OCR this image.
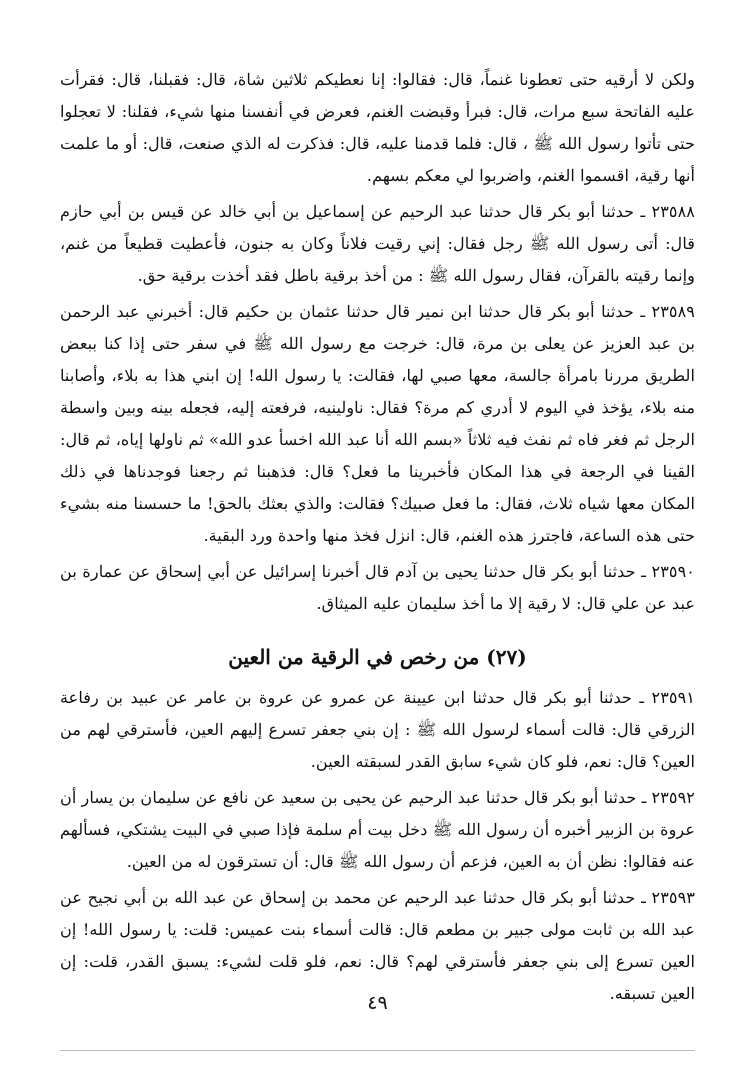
ولكن لا أرقيه حتى تعطونا غنماً، قال: فقالوا: إنا نعطيكم ثلاثين شاة، قال: فقبلنا، قال: فقرأت عليه الفاتحة سبع مرات، قال: فبرأ وقبضت الغنم، فعرض في أنفسنا منها شيء، فقلنا: لا تعجلوا حتى تأتوا رسول الله ﷺ ، قال: فلما قدمنا عليه، قال: فذكرت له الذي صنعت، قال: أو ما علمت أنها رقية، اقسموا الغنم، واضربوا لي معكم بسهم.

٢٣٥٨٨ ـ حدثنا أبو بكر قال حدثنا عبد الرحيم عن إسماعيل بن أبي خالد عن قيس بن أبي حازم قال: أتى رسول الله ﷺ رجل فقال: إني رقيت فلاناً وكان به جنون، فأعطيت قطيعاً من غنم، وإنما رقيته بالقرآن، فقال رسول الله ﷺ : من أخذ برقية باطل فقد أخذت برقية حق.

٢٣٥٨٩ ـ حدثنا أبو بكر قال حدثنا ابن نمير قال حدثنا عثمان بن حكيم قال: أخبرني عبد الرحمن بن عبد العزيز عن يعلى بن مرة، قال: خرجت مع رسول الله ﷺ في سفر حتى إذا كنا ببعض الطريق مررنا بامرأة جالسة، معها صبي لها، فقالت: يا رسول الله! إن ابني هذا به بلاء، وأصابنا منه بلاء، يؤخذ في اليوم لا أدري كم مرة؟ فقال: ناولينيه، فرفعته إليه، فجعله بينه وبين واسطة الرجل ثم فغر فاه ثم نفث فيه ثلاثاً «بسم الله أنا عبد الله اخسأ عدو الله» ثم ناولها إياه، ثم قال: القينا في الرجعة في هذا المكان فأخبرينا ما فعل؟ قال: فذهبنا ثم رجعنا فوجدناها في ذلك المكان معها شياه ثلاث، فقال: ما فعل صبيك؟ فقالت: والذي بعثك بالحق! ما حسسنا منه بشيء حتى هذه الساعة، فاجترز هذه الغنم، قال: انزل فخذ منها واحدة ورد البقية.

٢٣٥٩٠ ـ حدثنا أبو بكر قال حدثنا يحيى بن آدم قال أخبرنا إسرائيل عن أبي إسحاق عن عمارة بن عبد عن علي قال: لا رقية إلا ما أخذ سليمان عليه الميثاق.

(٢٧) من رخص في الرقية من العين

٢٣٥٩١ ـ حدثنا أبو بكر قال حدثنا ابن عيينة عن عمرو عن عروة بن عامر عن عبيد بن رفاعة الزرقي قال: قالت أسماء لرسول الله ﷺ : إن بني جعفر تسرع إليهم العين، فأسترقي لهم من العين؟ قال: نعم، فلو كان شيء سابق القدر لسبقته العين.

٢٣٥٩٢ ـ حدثنا أبو بكر قال حدثنا عبد الرحيم عن يحيى بن سعيد عن نافع عن سليمان بن يسار أن عروة بن الزبير أخبره أن رسول الله ﷺ دخل بيت أم سلمة فإذا صبي في البيت يشتكي، فسألهم عنه فقالوا: نظن أن به العين، فزعم أن رسول الله ﷺ قال: أن تسترقون له من العين.

٢٣٥٩٣ ـ حدثنا أبو بكر قال حدثنا عبد الرحيم عن محمد بن إسحاق عن عبد الله بن أبي نجيح عن عبد الله بن ثابت مولى جبير بن مطعم قال: قالت أسماء بنت عميس: قلت: يا رسول الله! إن العين تسرع إلى بني جعفر فأسترقي لهم؟ قال: نعم، فلو قلت لشيء: يسبق القدر، قلت: إن العين تسبقه.

٤٩
